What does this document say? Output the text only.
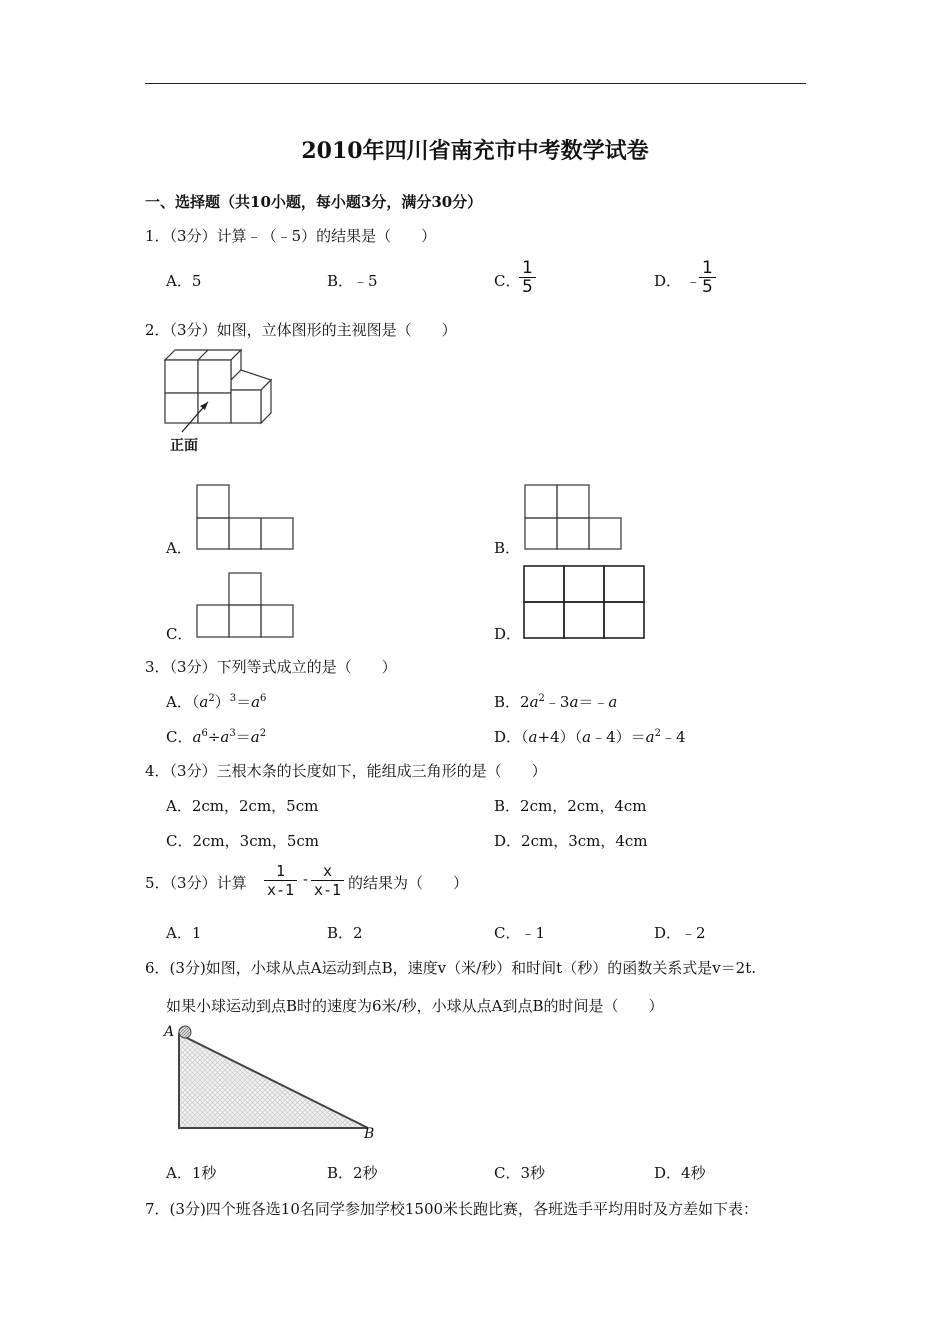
2010年四川省南充市中考数学试卷
一、选择题（共10小题，每小题3分，满分30分）
1．（3分）计算﹣（﹣5）的结果是（　　）
A．5	B．﹣5	C．
$\frac{1}{5}$	D． ﹣
$\frac{1}{5}$
2．（3分）如图，立体图形的主视图是（　　）
正面
A．	B．
C．	D．
3．（3分）下列等式成立的是（　　）
A．$(a^2)^3=a^6$	B．$2a^2﹣3a=﹣a$
C．$a^6\div a^3=a^2$	D．$(a+4)(a﹣4)=a^2﹣4$
4．（3分）三根木条的长度如下，能组成三角形的是（　　）
A．2cm，2cm，5cm	B．2cm，2cm，4cm
C．2cm，3cm，5cm	D．2cm，3cm，4cm
5．（3分）计算 $\frac{1}{x-1} - \frac{x}{x-1}$ 的结果为（　　）
A．1	B．2	C．﹣1	D．﹣2
6．(3分)如图，小球从点A运动到点B，速度v（米/秒）和时间t（秒）的函数关系式是v＝2t.
如果小球运动到点B时的速度为6米/秒，小球从点A到点B的时间是（　　）
A
B
A．1秒	B．2秒	C．3秒	D．4秒
7．(3分)四个班各选10名同学参加学校1500米长跑比赛，各班选手平均用时及方差如下表：
